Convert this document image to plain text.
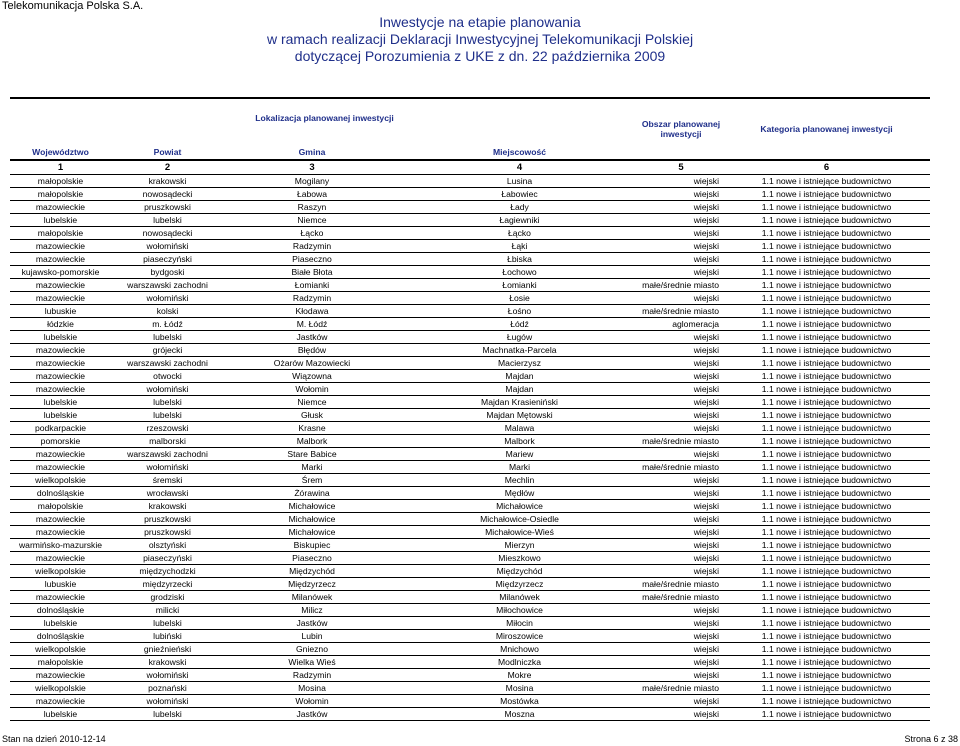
Telekomunikacja Polska S.A.
Inwestycje na etapie planowania
w ramach realizacji Deklaracji Inwestycyjnej Telekomunikacji Polskiej
dotyczącej Porozumienia z UKE z dn. 22 października 2009
Lokalizacja planowanej inwestycji				Obszar planowanej inwestycji	Kategoria planowanej inwestycji
Województwo	Powiat	Gmina	Miejscowość		
1	2	3	4	5	6
małopolskie	krakowski	Mogilany	Lusina	wiejski	1.1 nowe i istniejące budownictwo
małopolskie	nowosądecki	Łabowa	Łabowiec	wiejski	1.1 nowe i istniejące budownictwo
mazowieckie	pruszkowski	Raszyn	Łady	wiejski	1.1 nowe i istniejące budownictwo
lubelskie	lubelski	Niemce	Łagiewniki	wiejski	1.1 nowe i istniejące budownictwo
małopolskie	nowosądecki	Łącko	Łącko	wiejski	1.1 nowe i istniejące budownictwo
mazowieckie	wołomiński	Radzymin	Łąki	wiejski	1.1 nowe i istniejące budownictwo
mazowieckie	piaseczyński	Piaseczno	Łbiska	wiejski	1.1 nowe i istniejące budownictwo
kujawsko-pomorskie	bydgoski	Białe Błota	Łochowo	wiejski	1.1 nowe i istniejące budownictwo
mazowieckie	warszawski zachodni	Łomianki	Łomianki	małe/średnie miasto	1.1 nowe i istniejące budownictwo
mazowieckie	wołomiński	Radzymin	Łosie	wiejski	1.1 nowe i istniejące budownictwo
lubuskie	kolski	Kłodawa	Łośno	małe/średnie miasto	1.1 nowe i istniejące budownictwo
łódzkie	m. Łódź	M. Łódź	Łódź	aglomeracja	1.1 nowe i istniejące budownictwo
lubelskie	lubelski	Jastków	Ługów	wiejski	1.1 nowe i istniejące budownictwo
mazowieckie	grójecki	Błędów	Machnatka-Parcela	wiejski	1.1 nowe i istniejące budownictwo
mazowieckie	warszawski zachodni	Ożarów Mazowiecki	Macierzysz	wiejski	1.1 nowe i istniejące budownictwo
mazowieckie	otwocki	Wiązowna	Majdan	wiejski	1.1 nowe i istniejące budownictwo
mazowieckie	wołomiński	Wołomin	Majdan	wiejski	1.1 nowe i istniejące budownictwo
lubelskie	lubelski	Niemce	Majdan Krasieniński	wiejski	1.1 nowe i istniejące budownictwo
lubelskie	lubelski	Głusk	Majdan Mętowski	wiejski	1.1 nowe i istniejące budownictwo
podkarpackie	rzeszowski	Krasne	Malawa	wiejski	1.1 nowe i istniejące budownictwo
pomorskie	malborski	Malbork	Malbork	małe/średnie miasto	1.1 nowe i istniejące budownictwo
mazowieckie	warszawski zachodni	Stare Babice	Mariew	wiejski	1.1 nowe i istniejące budownictwo
mazowieckie	wołomiński	Marki	Marki	małe/średnie miasto	1.1 nowe i istniejące budownictwo
wielkopolskie	śremski	Śrem	Mechlin	wiejski	1.1 nowe i istniejące budownictwo
dolnośląskie	wrocławski	Żórawina	Mędłów	wiejski	1.1 nowe i istniejące budownictwo
małopolskie	krakowski	Michałowice	Michałowice	wiejski	1.1 nowe i istniejące budownictwo
mazowieckie	pruszkowski	Michałowice	Michałowice-Osiedle	wiejski	1.1 nowe i istniejące budownictwo
mazowieckie	pruszkowski	Michałowice	Michałowice-Wieś	wiejski	1.1 nowe i istniejące budownictwo
warmińsko-mazurskie	olsztyński	Biskupiec	Mierzyn	wiejski	1.1 nowe i istniejące budownictwo
mazowieckie	piaseczyński	Piaseczno	Mieszkowo	wiejski	1.1 nowe i istniejące budownictwo
wielkopolskie	międzychodzki	Międzychód	Międzychód	wiejski	1.1 nowe i istniejące budownictwo
lubuskie	międzyrzecki	Międzyrzecz	Międzyrzecz	małe/średnie miasto	1.1 nowe i istniejące budownictwo
mazowieckie	grodziski	Milanówek	Milanówek	małe/średnie miasto	1.1 nowe i istniejące budownictwo
dolnośląskie	milicki	Milicz	Miłochowice	wiejski	1.1 nowe i istniejące budownictwo
lubelskie	lubelski	Jastków	Miłocin	wiejski	1.1 nowe i istniejące budownictwo
dolnośląskie	lubiński	Lubin	Miroszowice	wiejski	1.1 nowe i istniejące budownictwo
wielkopolskie	gnieźnieński	Gniezno	Mnichowo	wiejski	1.1 nowe i istniejące budownictwo
małopolskie	krakowski	Wielka Wieś	Modlniczka	wiejski	1.1 nowe i istniejące budownictwo
mazowieckie	wołomiński	Radzymin	Mokre	wiejski	1.1 nowe i istniejące budownictwo
wielkopolskie	poznański	Mosina	Mosina	małe/średnie miasto	1.1 nowe i istniejące budownictwo
mazowieckie	wołomiński	Wołomin	Mostówka	wiejski	1.1 nowe i istniejące budownictwo
lubelskie	lubelski	Jastków	Moszna	wiejski	1.1 nowe i istniejące budownictwo
Stan na dzień 2010-12-14	Strona 6 z 38
